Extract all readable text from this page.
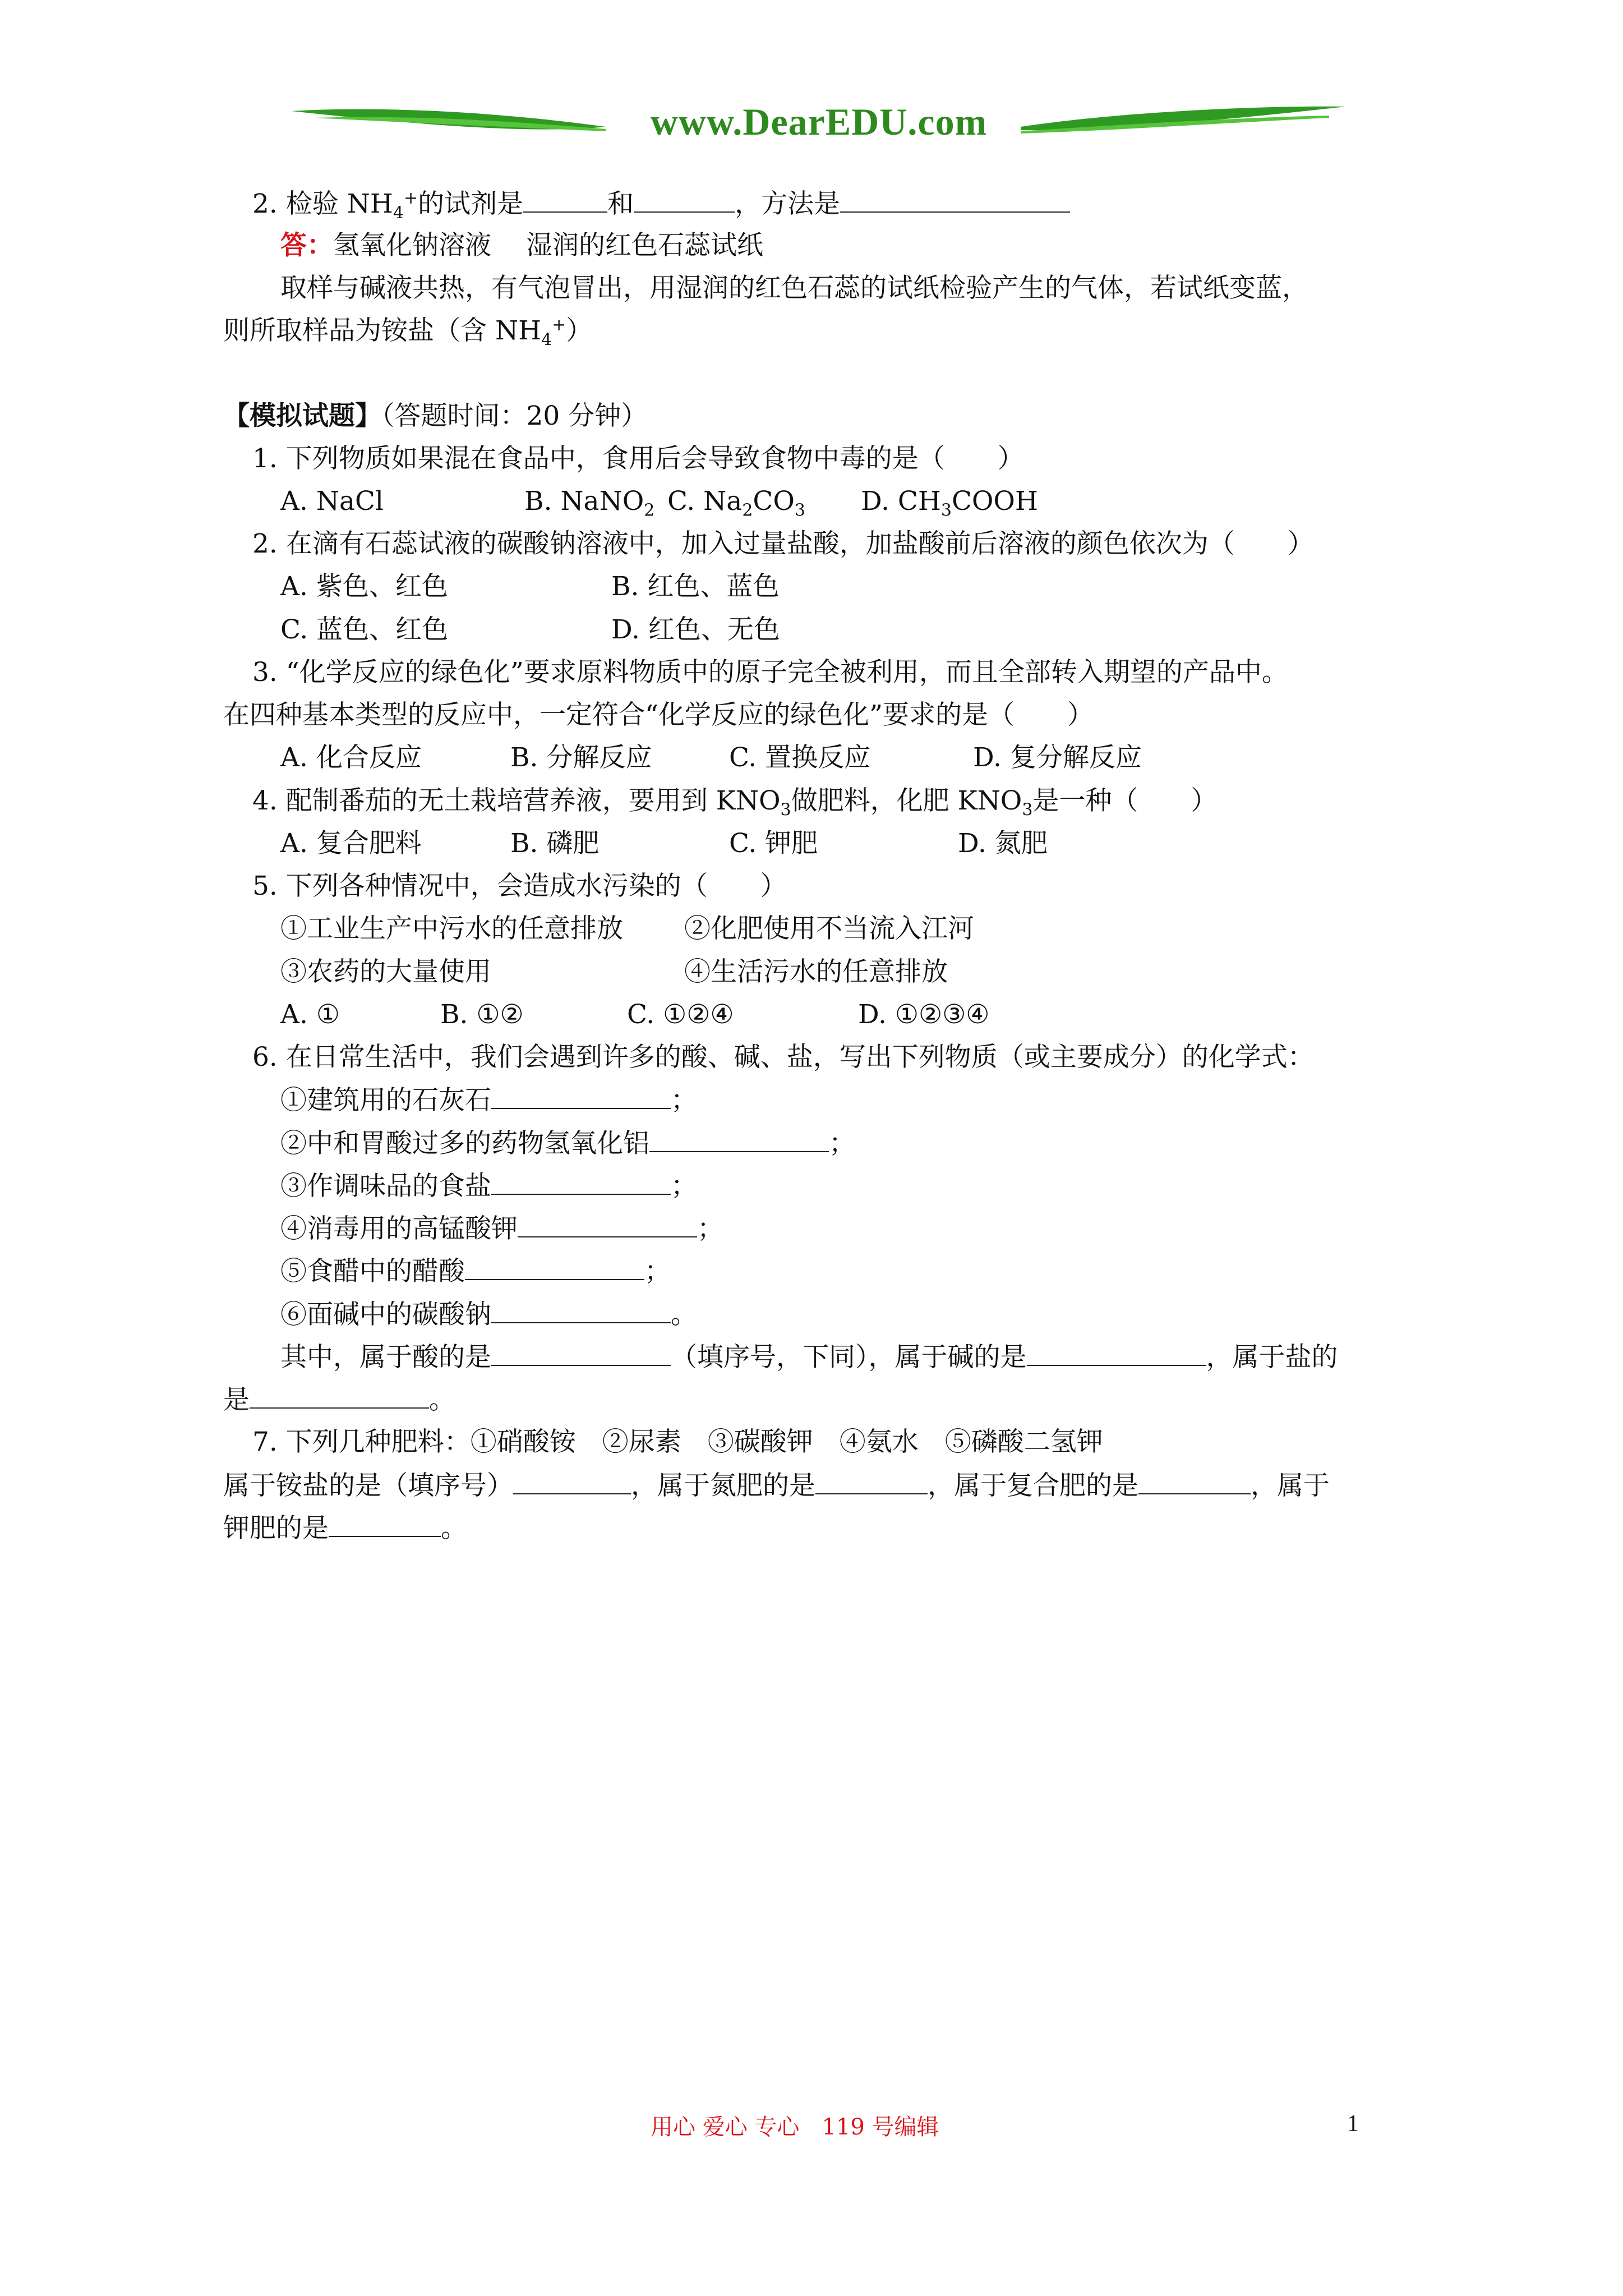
www.DearEDU.com
2. 检验 $NH_4^+$的试剂是	和	，方法是
答：氢氧化钠溶液　 湿润的红色石蕊试纸
取样与碱液共热，有气泡冒出，用湿润的红色石蕊的试纸检验产生的气体，若试纸变蓝，
则所取样品为铵盐（含 $NH_4^+$）
【模拟试题】（答题时间：20 分钟）
1. 下列物质如果混在食品中，食用后会导致食物中毒的是（　　）
A. NaCl	B. NaNO$_2$ C. $Na_2CO_3$ D. $CH_3COOH$
2. 在滴有石蕊试液的碳酸钠溶液中，加入过量盐酸，加盐酸前后溶液的颜色依次为（　　）
A. 紫色、红色	B. 红色、蓝色
C. 蓝色、红色	D. 红色、无色
3. “化学反应的绿色化”要求原料物质中的原子完全被利用，而且全部转入期望的产品中。
在四种基本类型的反应中，一定符合“化学反应的绿色化”要求的是（　　）
A. 化合反应	B. 分解反应	C. 置换反应	D. 复分解反应
4. 配制番茄的无土栽培营养液，要用到 $KNO_3$做肥料，化肥 $KNO_3$是一种（　　）
A. 复合肥料	B. 磷肥	C. 钾肥	D. 氮肥
5. 下列各种情况中，会造成水污染的（　　）
①工业生产中污水的任意排放 ②化肥使用不当流入江河
③农药的大量使用	④生活污水的任意排放
A. ①	B. ①②	C. ①②④	D. ①②③④
6. 在日常生活中，我们会遇到许多的酸、碱、盐，写出下列物质（或主要成分）的化学式：
①建筑用的石灰石	；
②中和胃酸过多的药物氢氧化铝	；
③作调味品的食盐	；
④消毒用的高锰酸钾	；
⑤食醋中的醋酸	；
⑥面碱中的碳酸钠	。
其中，属于酸的是	（填序号，下同），属于碱的是	，属于盐的
是	。
7. 下列几种肥料：①硝酸铵　②尿素　③碳酸钾　④氨水　⑤磷酸二氢钾
属于铵盐的是（填序号）	，属于氮肥的是	，属于复合肥的是	，属于
钾肥的是	。
用心 爱心 专心　119 号编辑	1
